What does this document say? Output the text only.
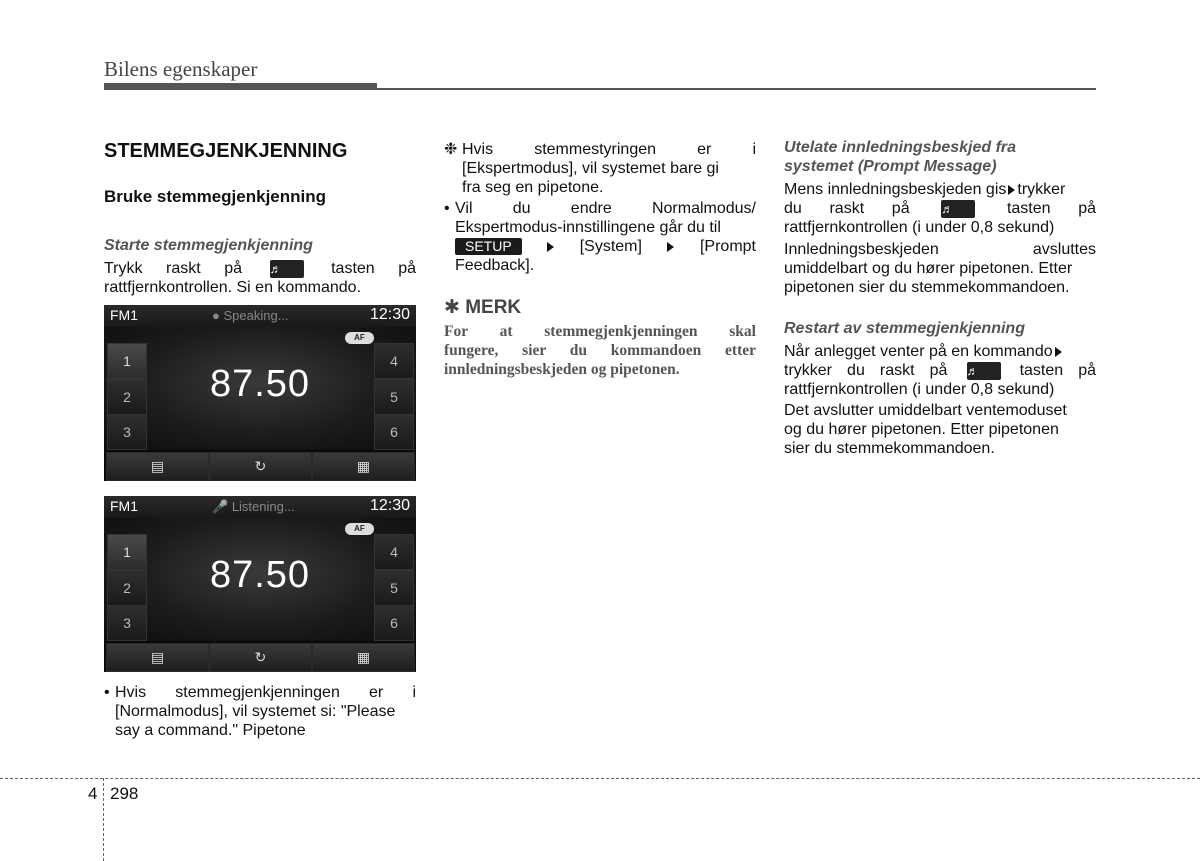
Bilens egenskaper
STEMMEGJENKJENNING
Bruke stemmegjenkjenning
Starte stemmegjenkjenning
Trykk raskt på ♬	tasten på
rattfjernkontrollen. Si en kommando.
FM1	● Speaking...	12:30
AF
87.50
1
2
3
4
5
6
▤	↻	▦
FM1	🎤 Listening...	12:30
AF
87.50
1
2
3
4
5
6
▤	↻	▦
• Hvis stemmegjenkjenningen er i
[Normalmodus], vil systemet si: "Please
say a command." Pipetone
❉ Hvis stemmestyringen er i
[Ekspertmodus], vil systemet bare gi
fra seg en pipetone.
• Vil du endre Normalmodus/
Ekspertmodus-innstillingene går du til
SETUP	[System]	[Prompt
Feedback].
✱ MERK
For at stemmegjenkjenningen skal
fungere, sier du kommandoen etter
innledningsbeskjeden og pipetonen.
Utelate innledningsbeskjed fra
systemet (Prompt Message)
Mens innledningsbeskjeden gis trykker
du raskt på	♬	tasten på
rattfjernkontrollen (i under 0,8 sekund)
Innledningsbeskjeden avsluttes
umiddelbart og du hører pipetonen. Etter
pipetonen sier du stemmekommandoen.
Restart av stemmegjenkjenning
Når anlegget venter på en kommando
trykker du raskt på ♬	tasten på
rattfjernkontrollen (i under 0,8 sekund)
Det avslutter umiddelbart ventemoduset
og du hører pipetonen. Etter pipetonen
sier du stemmekommandoen.
4 298
